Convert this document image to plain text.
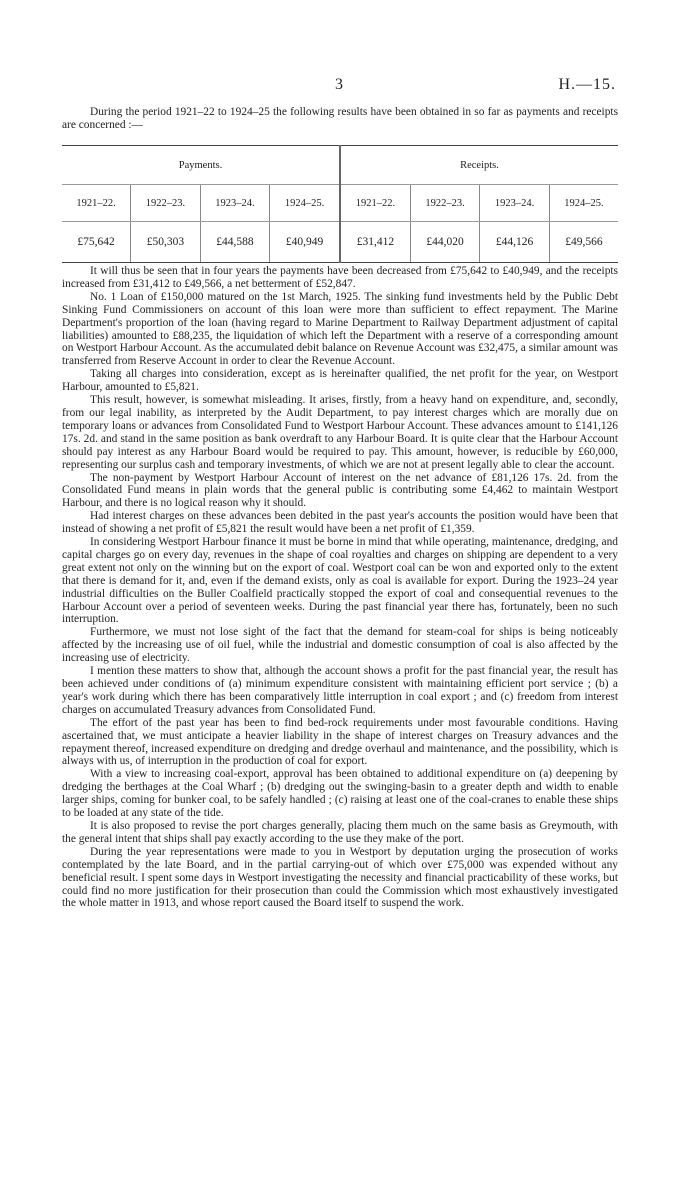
3	H.—15.

During the period 1921–22 to 1924–25 the following results have been obtained in so far as payments and receipts are concerned :—

Payments.				Receipts.			
1921–22.	1922–23.	1923–24.	1924–25.	1921–22.	1922–23.	1923–24.	1924–25.
£75,642	£50,303	£44,588	£40,949	£31,412	£44,020	£44,126	£49,566

It will thus be seen that in four years the payments have been decreased from £75,642 to £40,949, and the receipts increased from £31,412 to £49,566, a net betterment of £52,847.

No. 1 Loan of £150,000 matured on the 1st March, 1925. The sinking fund investments held by the Public Debt Sinking Fund Commissioners on account of this loan were more than sufficient to effect repayment. The Marine Department's proportion of the loan (having regard to Marine Department to Railway Department adjustment of capital liabilities) amounted to £88,235, the liquidation of which left the Department with a reserve of a corresponding amount on Westport Harbour Account. As the accumulated debit balance on Revenue Account was £32,475, a similar amount was transferred from Reserve Account in order to clear the Revenue Account.

Taking all charges into consideration, except as is hereinafter qualified, the net profit for the year, on Westport Harbour, amounted to £5,821.

This result, however, is somewhat misleading. It arises, firstly, from a heavy hand on expenditure, and, secondly, from our legal inability, as interpreted by the Audit Department, to pay interest charges which are morally due on temporary loans or advances from Consolidated Fund to Westport Harbour Account. These advances amount to £141,126 17s. 2d. and stand in the same position as bank overdraft to any Harbour Board. It is quite clear that the Harbour Account should pay interest as any Harbour Board would be required to pay. This amount, however, is reducible by £60,000, representing our surplus cash and temporary investments, of which we are not at present legally able to clear the account.

The non-payment by Westport Harbour Account of interest on the net advance of £81,126 17s. 2d. from the Consolidated Fund means in plain words that the general public is contributing some £4,462 to maintain Westport Harbour, and there is no logical reason why it should.

Had interest charges on these advances been debited in the past year's accounts the position would have been that instead of showing a net profit of £5,821 the result would have been a net profit of £1,359.

In considering Westport Harbour finance it must be borne in mind that while operating, maintenance, dredging, and capital charges go on every day, revenues in the shape of coal royalties and charges on shipping are dependent to a very great extent not only on the winning but on the export of coal. Westport coal can be won and exported only to the extent that there is demand for it, and, even if the demand exists, only as coal is available for export. During the 1923–24 year industrial difficulties on the Buller Coalfield practically stopped the export of coal and consequential revenues to the Harbour Account over a period of seventeen weeks. During the past financial year there has, fortunately, been no such interruption.

Furthermore, we must not lose sight of the fact that the demand for steam-coal for ships is being noticeably affected by the increasing use of oil fuel, while the industrial and domestic consumption of coal is also affected by the increasing use of electricity.

I mention these matters to show that, although the account shows a profit for the past financial year, the result has been achieved under conditions of (a) minimum expenditure consistent with maintaining efficient port service ; (b) a year's work during which there has been comparatively little interruption in coal export ; and (c) freedom from interest charges on accumulated Treasury advances from Consolidated Fund.

The effort of the past year has been to find bed-rock requirements under most favourable conditions. Having ascertained that, we must anticipate a heavier liability in the shape of interest charges on Treasury advances and the repayment thereof, increased expenditure on dredging and dredge overhaul and maintenance, and the possibility, which is always with us, of interruption in the production of coal for export.

With a view to increasing coal-export, approval has been obtained to additional expenditure on (a) deepening by dredging the berthages at the Coal Wharf ; (b) dredging out the swinging-basin to a greater depth and width to enable larger ships, coming for bunker coal, to be safely handled ; (c) raising at least one of the coal-cranes to enable these ships to be loaded at any state of the tide.

It is also proposed to revise the port charges generally, placing them much on the same basis as Greymouth, with the general intent that ships shall pay exactly according to the use they make of the port.

During the year representations were made to you in Westport by deputation urging the prosecution of works contemplated by the late Board, and in the partial carrying-out of which over £75,000 was expended without any beneficial result. I spent some days in Westport investigating the necessity and financial practicability of these works, but could find no more justification for their prosecution than could the Commission which most exhaustively investigated the whole matter in 1913, and whose report caused the Board itself to suspend the work.
